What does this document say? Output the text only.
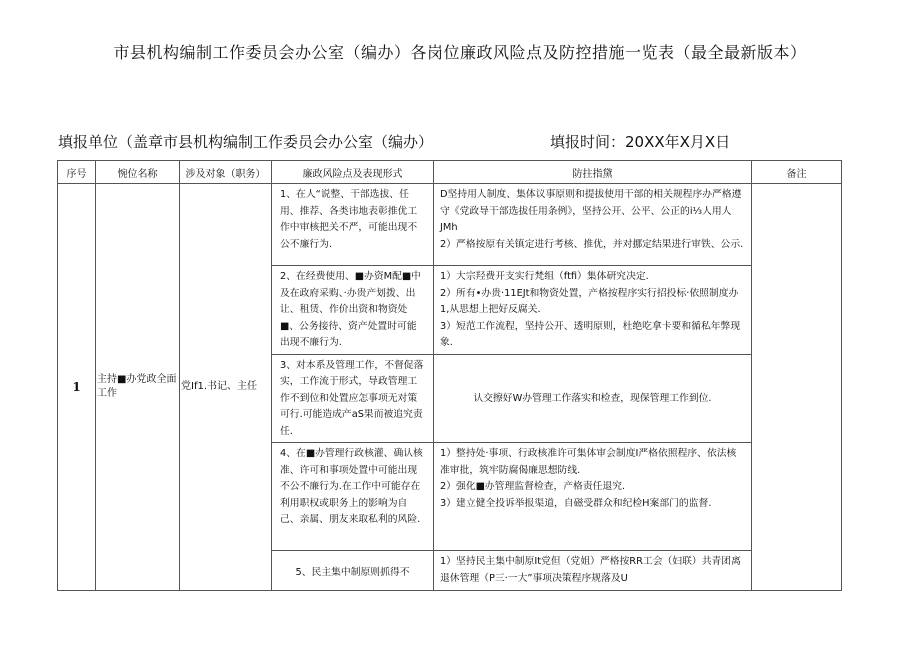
市县机构编制工作委员会办公室（编办）各岗位廉政风险点及防控措施一览表（最全最新版本）
填报单位（盖章市县机构编制工作委员会办公室（编办）	填报时间：20XX年X月X日
序号	惋位名称	涉及对象（职务）	廉政风险点及表现形式	防拄指黛	备注
1	主持■办党政全面工作	党If1.书记、主任	1、在人“说整、干部选拔、任用、推荐、各类讳地表彰推优工作中审核把关不严，可能出现不公不廉行为.	D坚持用人制度、集体议事原则和提拔使用干部的相关规程序办严格遵守《党政导干部选拔任用条例》，坚持公开、公平、公正的i⅓人用人JMh

2）严格按原有关镇定进行考核、推优，并对挪定结果进行审铁、公示.	

			2、在经费使用、■办资M配■中及在政府采购、·办贵产划拨、出让、租赁、作价出资和物资处■、公务接待、资产处置时可能出现不廉行为.	1）大宗羟费开支实行梵组（ftfi）集体研究决定.

2）所有•办贵·11EJt和物资处置，产格按程序实行招投标·依照制度办1,从思想上把好反腐关.

3）短范工作流程，坚持公开、透明原则，杜绝吃拿卡要和循私年弊现象.	

			3、对本系及管理工作，不督促落实，工作流于形式，导政管理工作不到位和处置应怎事项无对策可行.可能造成产aS果而被追究责任.	认交擦好W办管理工作落实和检查，现保管理工作到位.	

			4、在■办管理行政核灌、确认核准、许可和事项处置中可能出现不公不廉行为.在工作中可能存在利用职权或职务上的影响为自己、亲属、朋友来取私利的风险.	1）整持处·事项、行政核准许可集体审会制度I严格依照程序、依法核准审批，筑牢防腐偈廉思想防线.

2）强化■办管理监督检查，产格责任退究.

3）建立健全投诉举报渠道，自磁受群众和纪检H案部门的监督.	

			5、民主集中制原则抓得不	1）坚持民主集中制原It党但（党姐）严格按RR工会（妇联）共青团离退休管理（P三·一大”事项决策程序规落及U	
